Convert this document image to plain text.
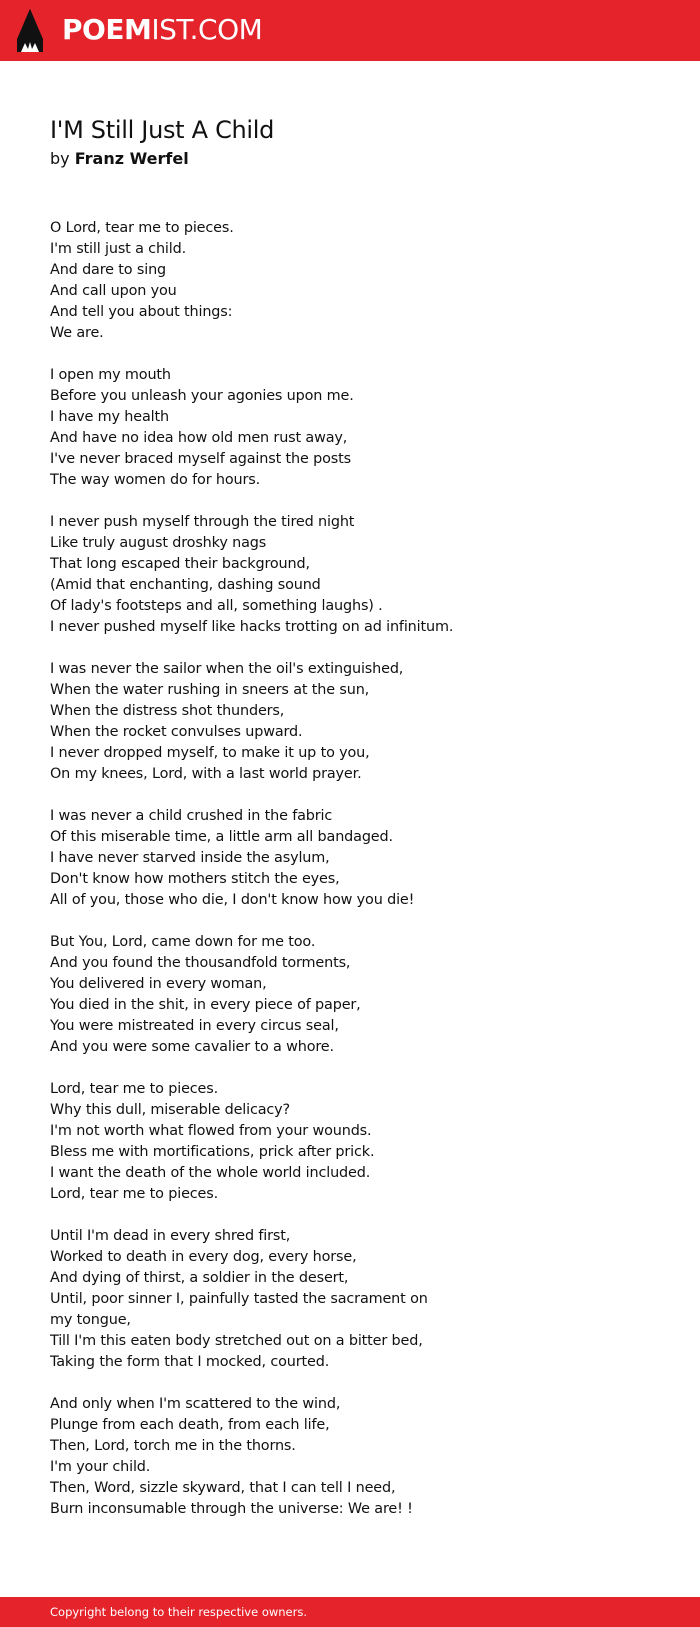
POEMIST.COM
I'M Still Just A Child
by Franz Werfel
O Lord, tear me to pieces.
I'm still just a child.
And dare to sing
And call upon you
And tell you about things:
We are.
I open my mouth
Before you unleash your agonies upon me.
I have my health
And have no idea how old men rust away,
I've never braced myself against the posts
The way women do for hours.
I never push myself through the tired night
Like truly august droshky nags
That long escaped their background,
(Amid that enchanting, dashing sound
Of lady's footsteps and all, something laughs) .
I never pushed myself like hacks trotting on ad infinitum.
I was never the sailor when the oil's extinguished,
When the water rushing in sneers at the sun,
When the distress shot thunders,
When the rocket convulses upward.
I never dropped myself, to make it up to you,
On my knees, Lord, with a last world prayer.
I was never a child crushed in the fabric
Of this miserable time, a little arm all bandaged.
I have never starved inside the asylum,
Don't know how mothers stitch the eyes,
All of you, those who die, I don't know how you die!
But You, Lord, came down for me too.
And you found the thousandfold torments,
You delivered in every woman,
You died in the shit, in every piece of paper,
You were mistreated in every circus seal,
And you were some cavalier to a whore.
Lord, tear me to pieces.
Why this dull, miserable delicacy?
I'm not worth what flowed from your wounds.
Bless me with mortifications, prick after prick.
I want the death of the whole world included.
Lord, tear me to pieces.
Until I'm dead in every shred first,
Worked to death in every dog, every horse,
And dying of thirst, a soldier in the desert,
Until, poor sinner I, painfully tasted the sacrament on my tongue,
Till I'm this eaten body stretched out on a bitter bed,
Taking the form that I mocked, courted.
And only when I'm scattered to the wind,
Plunge from each death, from each life,
Then, Lord, torch me in the thorns.
I'm your child.
Then, Word, sizzle skyward, that I can tell I need,
Burn inconsumable through the universe: We are! !
Copyright belong to their respective owners.
